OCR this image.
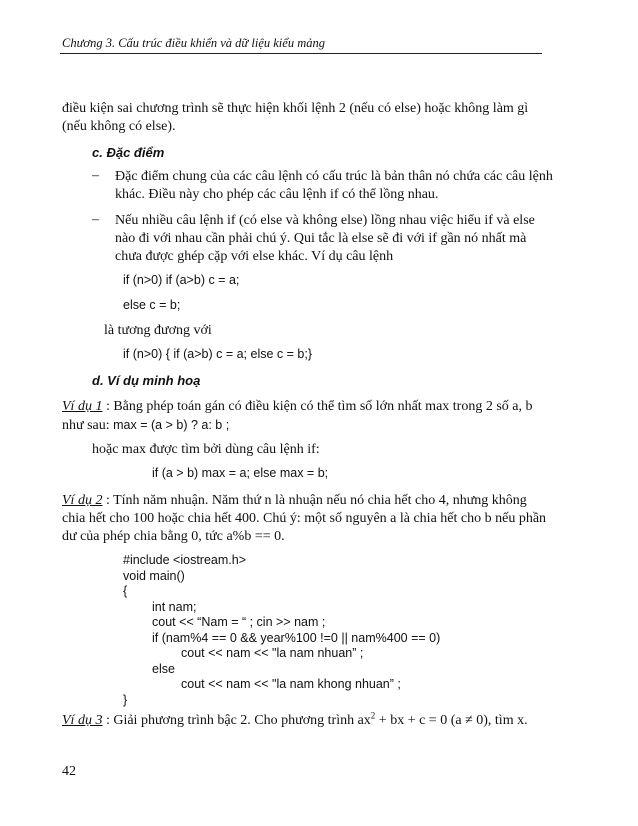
Chương 3. Cấu trúc điều khiển và dữ liệu kiểu mảng
điều kiện sai chương trình sẽ thực hiện khối lệnh 2 (nếu có else) hoặc không làm gì
(nếu không có else).
c. Đặc điểm
– Đặc điểm chung của các câu lệnh có cấu trúc là bản thân nó chứa các câu lệnh
khác. Điều này cho phép các câu lệnh if có thể lồng nhau.
– Nếu nhiều câu lệnh if (có else và không else) lồng nhau việc hiểu if và else
nào đi với nhau cần phải chú ý. Qui tắc là else sẽ đi với if gần nó nhất mà
chưa được ghép cặp với else khác. Ví dụ câu lệnh
if (n>0) if (a>b) c = a;
else c = b;
là tương đương với
if (n>0) { if (a>b) c = a; else c = b;}
d. Ví dụ minh hoạ
Ví dụ 1 : Bằng phép toán gán có điều kiện có thể tìm số lớn nhất max trong 2 số a, b
như sau: max = (a > b) ? a: b ;
hoặc max được tìm bởi dùng câu lệnh if:
if (a > b) max = a; else max = b;
Ví dụ 2 : Tính năm nhuận. Năm thứ n là nhuận nếu nó chia hết cho 4, nhưng không
chia hết cho 100 hoặc chia hết 400. Chú ý: một số nguyên a là chia hết cho b nếu phần
dư của phép chia bằng 0, tức a%b == 0.
#include <iostream.h>
void main()
{
int nam;
cout << “Nam = “ ; cin >> nam ;
if (nam%4 == 0 && year%100 !=0 || nam%400 == 0)
cout << nam << "la nam nhuan” ;
else
cout << nam << "la nam khong nhuan” ;
}
Ví dụ 3 : Giải phương trình bậc 2. Cho phương trình $ax^2$ + bx + c = 0 (a ≠ 0), tìm x.
42
